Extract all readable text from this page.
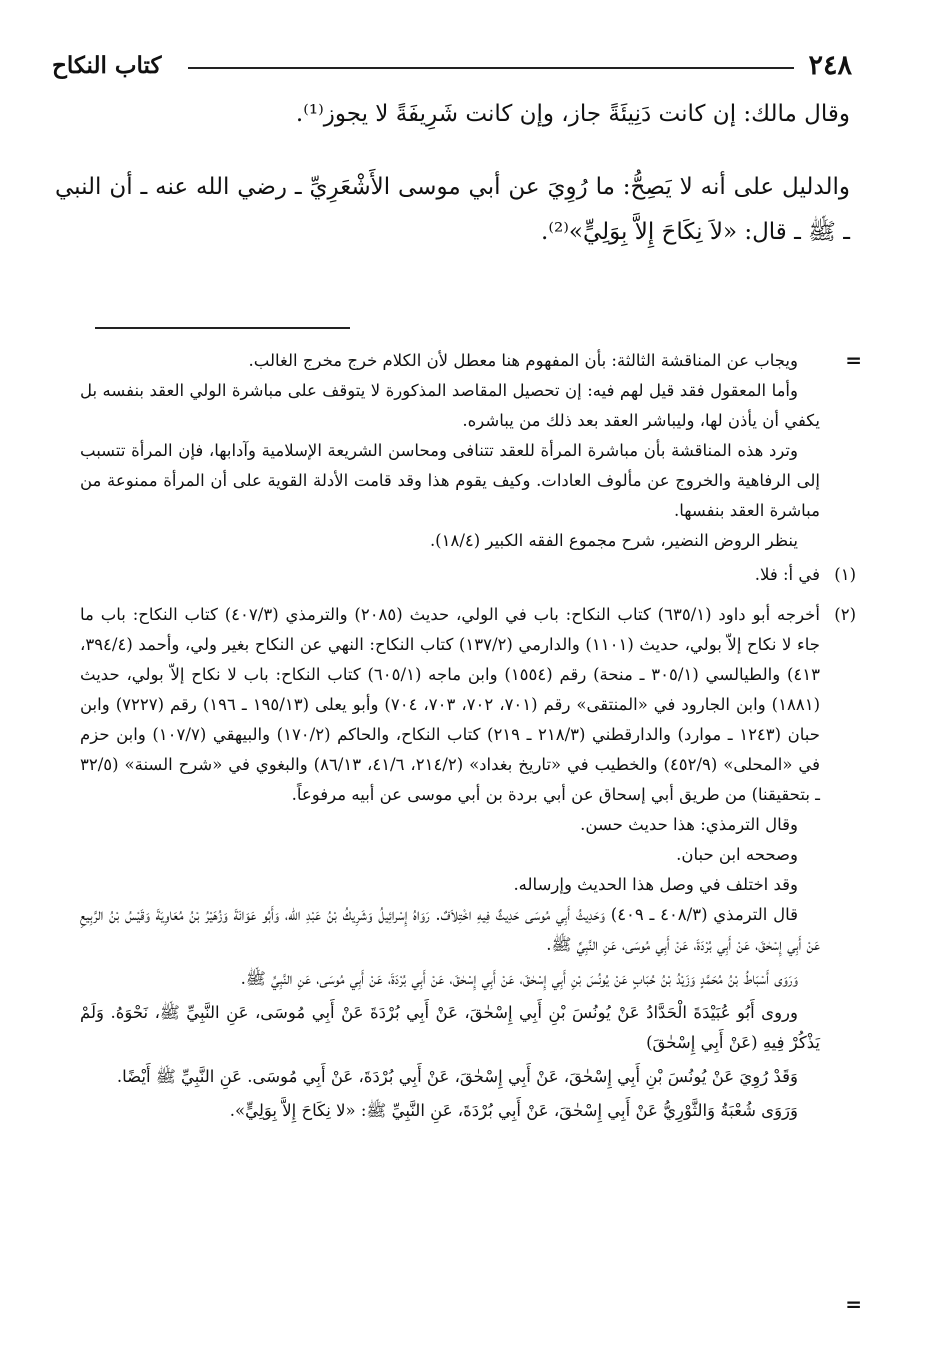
٢٤٨
كتاب النكاح

وقال مالك: إن كانت دَنِيئَةً جاز، وإن كانت شَرِيفَةً لا يجوز⁽¹⁾.

والدليل على أنه لا يَصِحُّ: ما رُوِيَ عن أبي موسى الأَشْعَرِيِّ ـ رضي الله عنه ـ أن النبي ـ ﷺ ـ قال: «لاَ نِكَاحَ إِلاَّ بِوَلِيٍّ»⁽²⁾.

=

ويجاب عن المناقشة الثالثة: بأن المفهوم هنا معطل لأن الكلام خرج مخرج الغالب.

وأما المعقول فقد قيل لهم فيه: إن تحصيل المقاصد المذكورة لا يتوقف على مباشرة الولي العقد بنفسه بل يكفي أن يأذن لها، وليباشر العقد بعد ذلك من يباشره.

وترد هذه المناقشة بأن مباشرة المرأة للعقد تتنافى ومحاسن الشريعة الإسلامية وآدابها، فإن المرأة تتسبب إلى الرفاهية والخروج عن مألوف العادات. وكيف يقوم هذا وقد قامت الأدلة القوية على أن المرأة ممنوعة من مباشرة العقد بنفسها.

ينظر الروض النضير، شرح مجموع الفقه الكبير (١٨/٤).

(١)
في أ: فلا.

(٢)
أخرجه أبو داود (٦٣٥/١) كتاب النكاح: باب في الولي، حديث (٢٠٨٥) والترمذي (٤٠٧/٣) كتاب النكاح: باب ما جاء لا نكاح إلاّ بولي، حديث (١١٠١) والدارمي (١٣٧/٢) كتاب النكاح: النهي عن النكاح بغير ولي، وأحمد (٣٩٤/٤، ٤١٣) والطيالسي (٣٠٥/١ ـ منحة) رقم (١٥٥٤) وابن ماجه (٦٠٥/١) كتاب النكاح: باب لا نكاح إلاّ بولي، حديث (١٨٨١) وابن الجارود في «المنتقى» رقم (٧٠١، ٧٠٢، ٧٠٣، ٧٠٤) وأبو يعلى (١٩٥/١٣ ـ ١٩٦) رقم (٧٢٢٧) وابن حبان (١٢٤٣ ـ موارد) والدارقطني (٢١٨/٣ ـ ٢١٩) كتاب النكاح، والحاكم (١٧٠/٢) والبيهقي (١٠٧/٧) وابن حزم في «المحلى» (٤٥٢/٩) والخطيب في «تاريخ بغداد» (٢١٤/٢، ٤١/٦، ٨٦/١٣) والبغوي في «شرح السنة» (٣٢/٥ ـ بتحقيقنا) من طريق أبي إسحاق عن أبي بردة بن أبي موسى عن أبيه مرفوعاً.

وقال الترمذي: هذا حديث حسن.

وصححه ابن حبان.

وقد اختلف في وصل هذا الحديث وإرساله.

قال الترمذي (٤٠٨/٣ ـ ٤٠٩) وَحَدِيثُ أَبِي مُوسَى حَدِيثٌ فِيهِ اخْتِلاَفٌ. رَوَاهُ إِسْرائِيلُ وَشَرِيكُ بْنُ عَبْدِ الله، وَأَبُو عَوَانَةَ وَزُهَيْرُ بْنُ مُعَاوِيَةَ وَقَيْسُ بْنُ الرَّبِيعِ عَنْ أَبِي إِسْحٰقَ، عَنْ أَبِي بُرْدَةَ، عَنْ أَبِي مُوسَى، عَنِ النَّبِيِّ ﷺ.

وَرَوَى أَسْبَاطُ بْنُ مُحَمَّدٍ وَزَيْدُ بْنُ حُبَابٍ عَنْ يُونُسَ بْنِ أَبِي إِسْحٰقَ، عَنْ أَبِي إِسْحٰقَ، عَنْ أَبِي بُرْدَةَ، عَنْ أَبِي مُوسَى، عَنِ النَّبِيِّ ﷺ.

وروى أَبُو عُبَيْدَةَ الْحَدَّادُ عَنْ يُونُسَ بْنِ أَبِي إِسْحٰقَ، عَنْ أَبِي بُرْدَةَ عَنْ أَبِي مُوسَى، عَنِ النَّبِيِّ ﷺ، نَحْوَهُ. وَلَمْ يَذْكُرْ فِيهِ (عَنْ أَبِي إِسْحٰقَ)

وَقَدْ رُوِيَ عَنْ يُونُسَ بْنِ أَبِي إِسْحٰقَ، عَنْ أَبِي إِسْحٰقَ، عَنْ أَبِي بُرْدَةَ، عَنْ أَبِي مُوسَى. عَنِ النَّبِيِّ ﷺ أَيْضًا.

وَرَوَى شُعْبَةُ وَالثَّوْرِيُّ عَنْ أَبِي إِسْحٰقَ، عَنْ أَبِي بُرْدَةَ، عَنِ النَّبِيِّ ﷺ: «لا نِكَاحَ إِلاَّ بِوَلِيٍّ».

=
